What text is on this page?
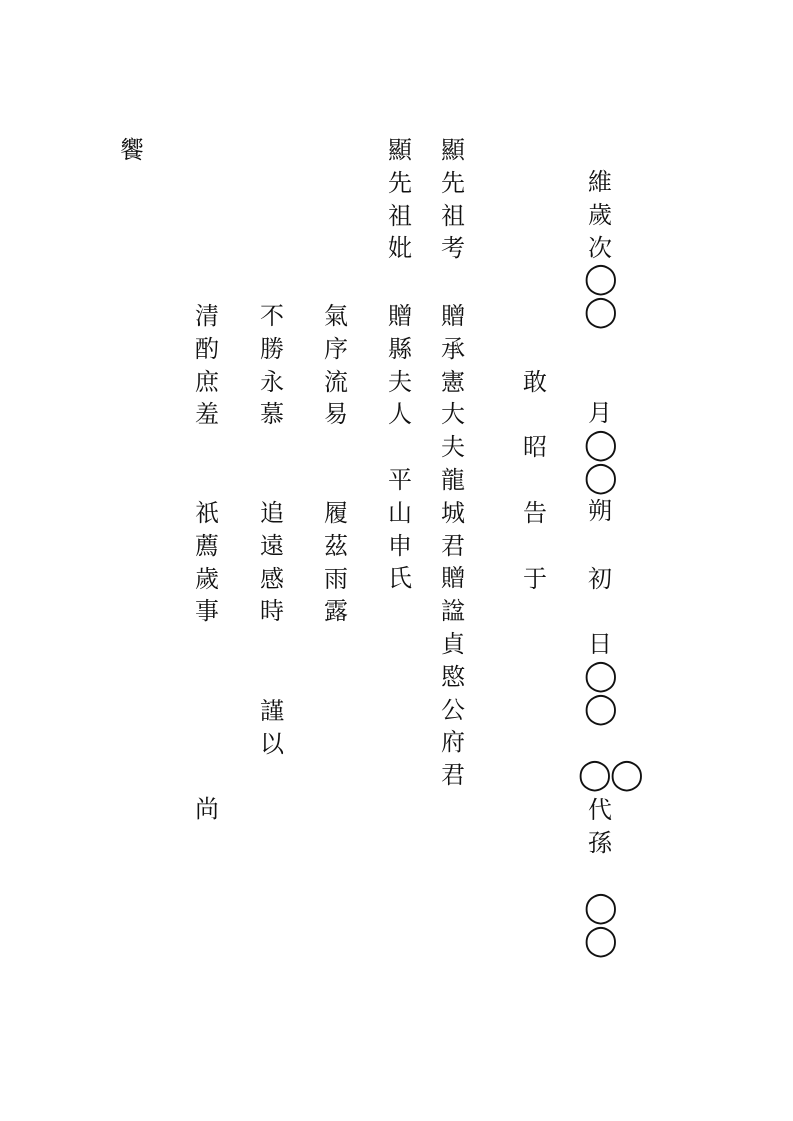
維
歲
次
◯
◯
月
◯
◯
朔
初
日
◯
◯
◯
◯
代
孫
◯
◯
敢
昭
告
于
顯
先
祖
考
贈
承
憲
大
夫
龍
城
君
贈
諡
貞
愍
公
府
君
顯
先
祖
妣
贈
縣
夫
人
平
山
申
氏
氣
序
流
易
履
茲
雨
露
不
勝
永
慕
追
遠
感
時
謹
以
清
酌
庶
羞
祇
薦
歲
事
尚
饗
